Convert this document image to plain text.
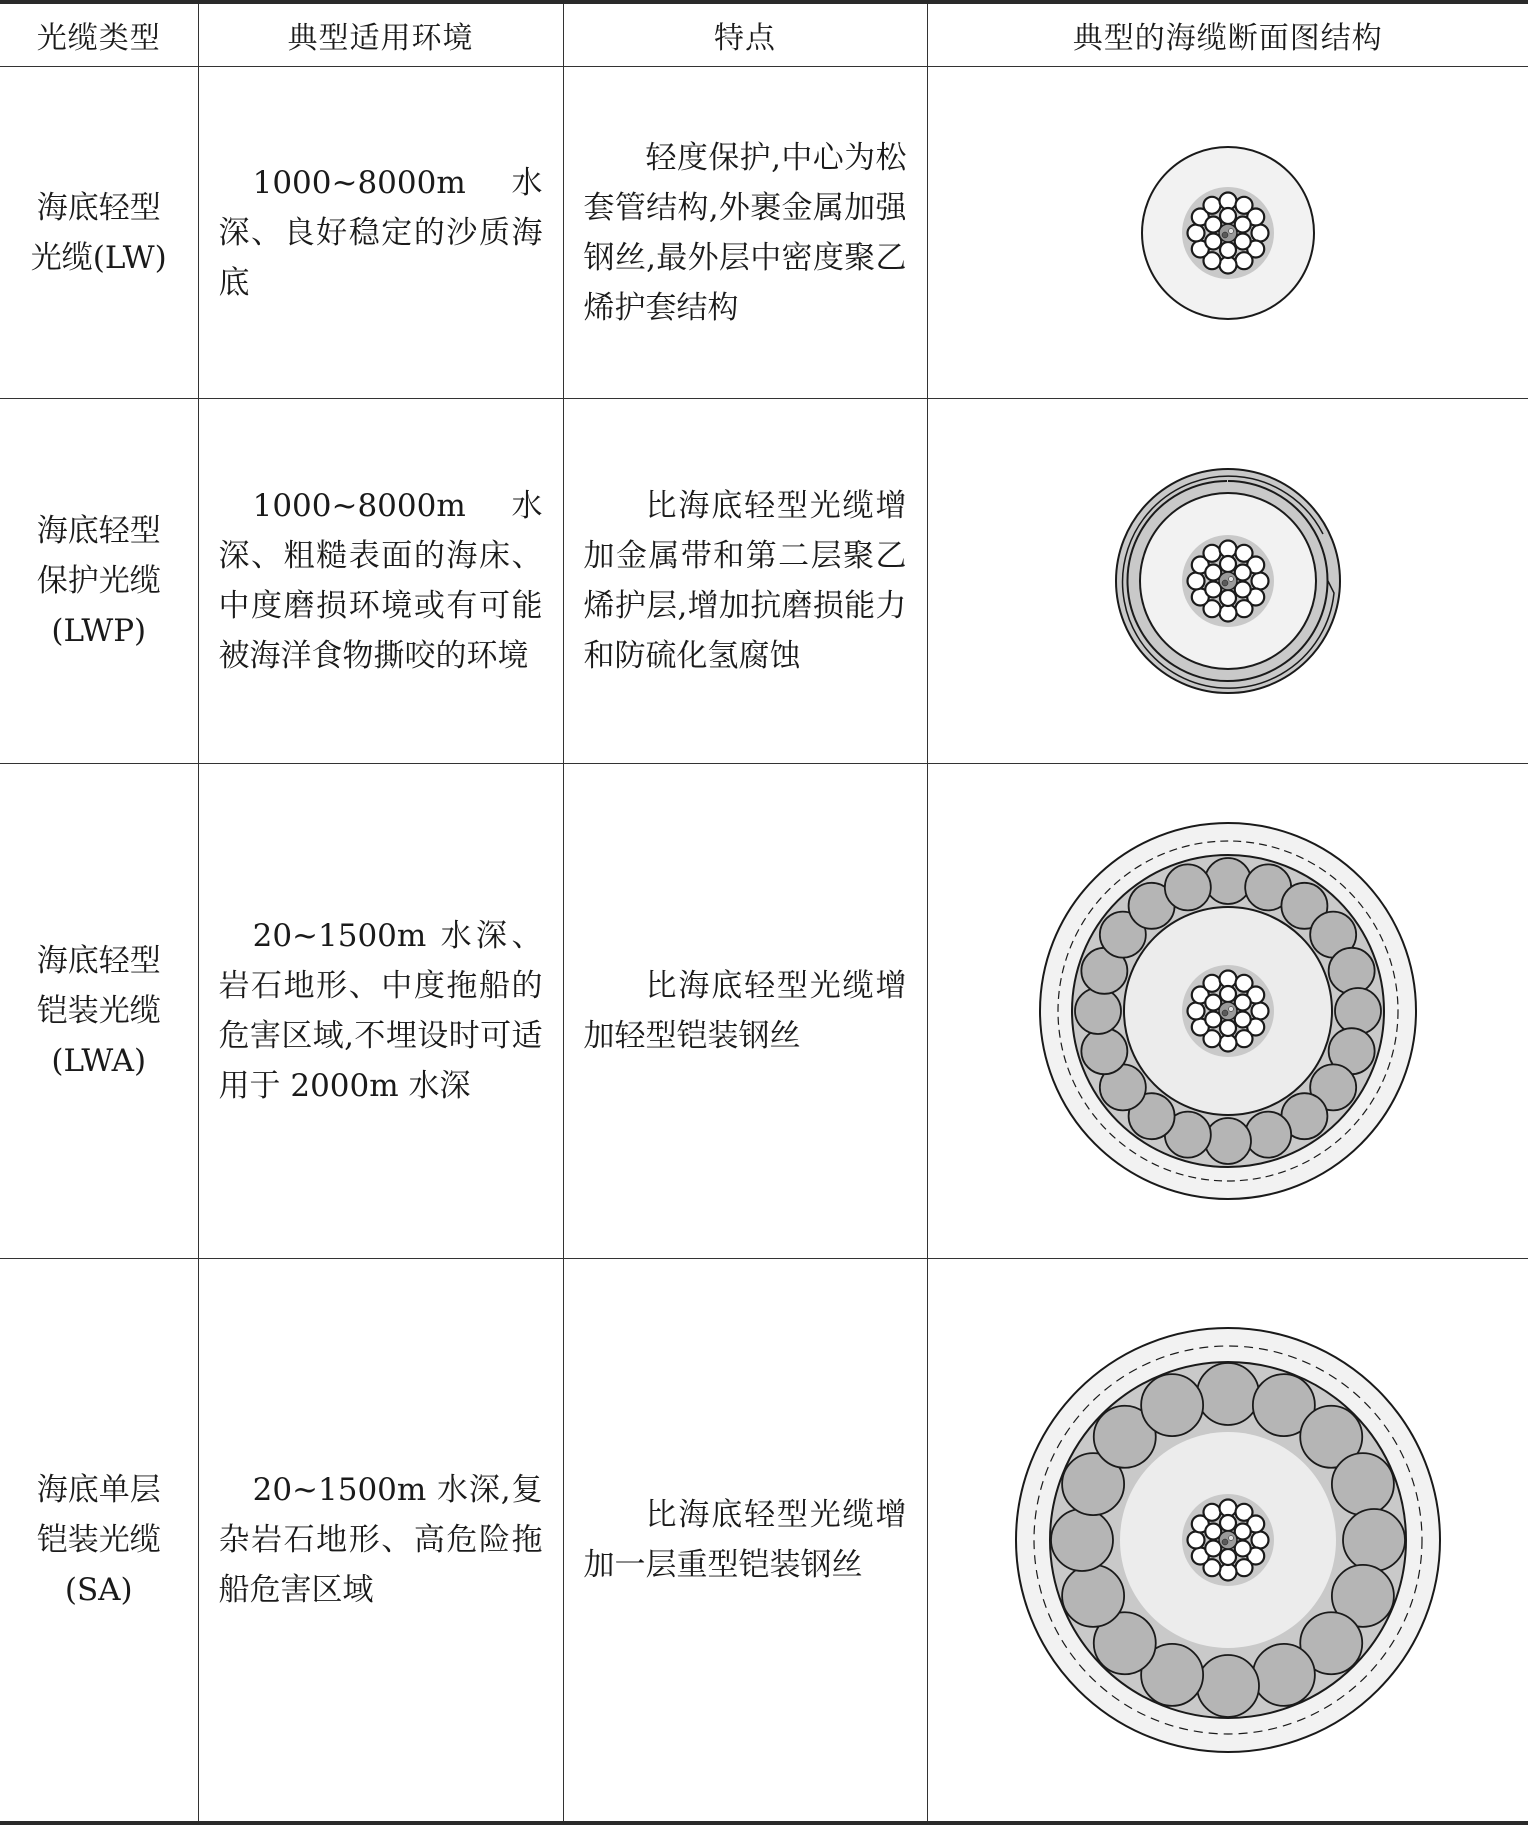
光缆类型	典型适用环境	特点	典型的海缆断面图结构

海底轻型
光缆(LW)	1000~8000m 水深、良好稳定的沙质海底	轻度保护,中心为松套管结构,外裹金属加强钢丝,最外层中密度聚乙烯护套结构

海底轻型
保护光缆
(LWP)	1000~8000m 水深、粗糙表面的海床、中度磨损环境或有可能被海洋食物撕咬的环境	比海底轻型光缆增加金属带和第二层聚乙烯护层,增加抗磨损能力和防硫化氢腐蚀

海底轻型
铠装光缆
(LWA)	20~1500m 水深、岩石地形、中度拖船的危害区域,不埋设时可适用于 2000m 水深	比海底轻型光缆增加轻型铠装钢丝

海底单层
铠装光缆
(SA)	20~1500m 水深,复杂岩石地形、高危险拖船危害区域	比海底轻型光缆增加一层重型铠装钢丝
